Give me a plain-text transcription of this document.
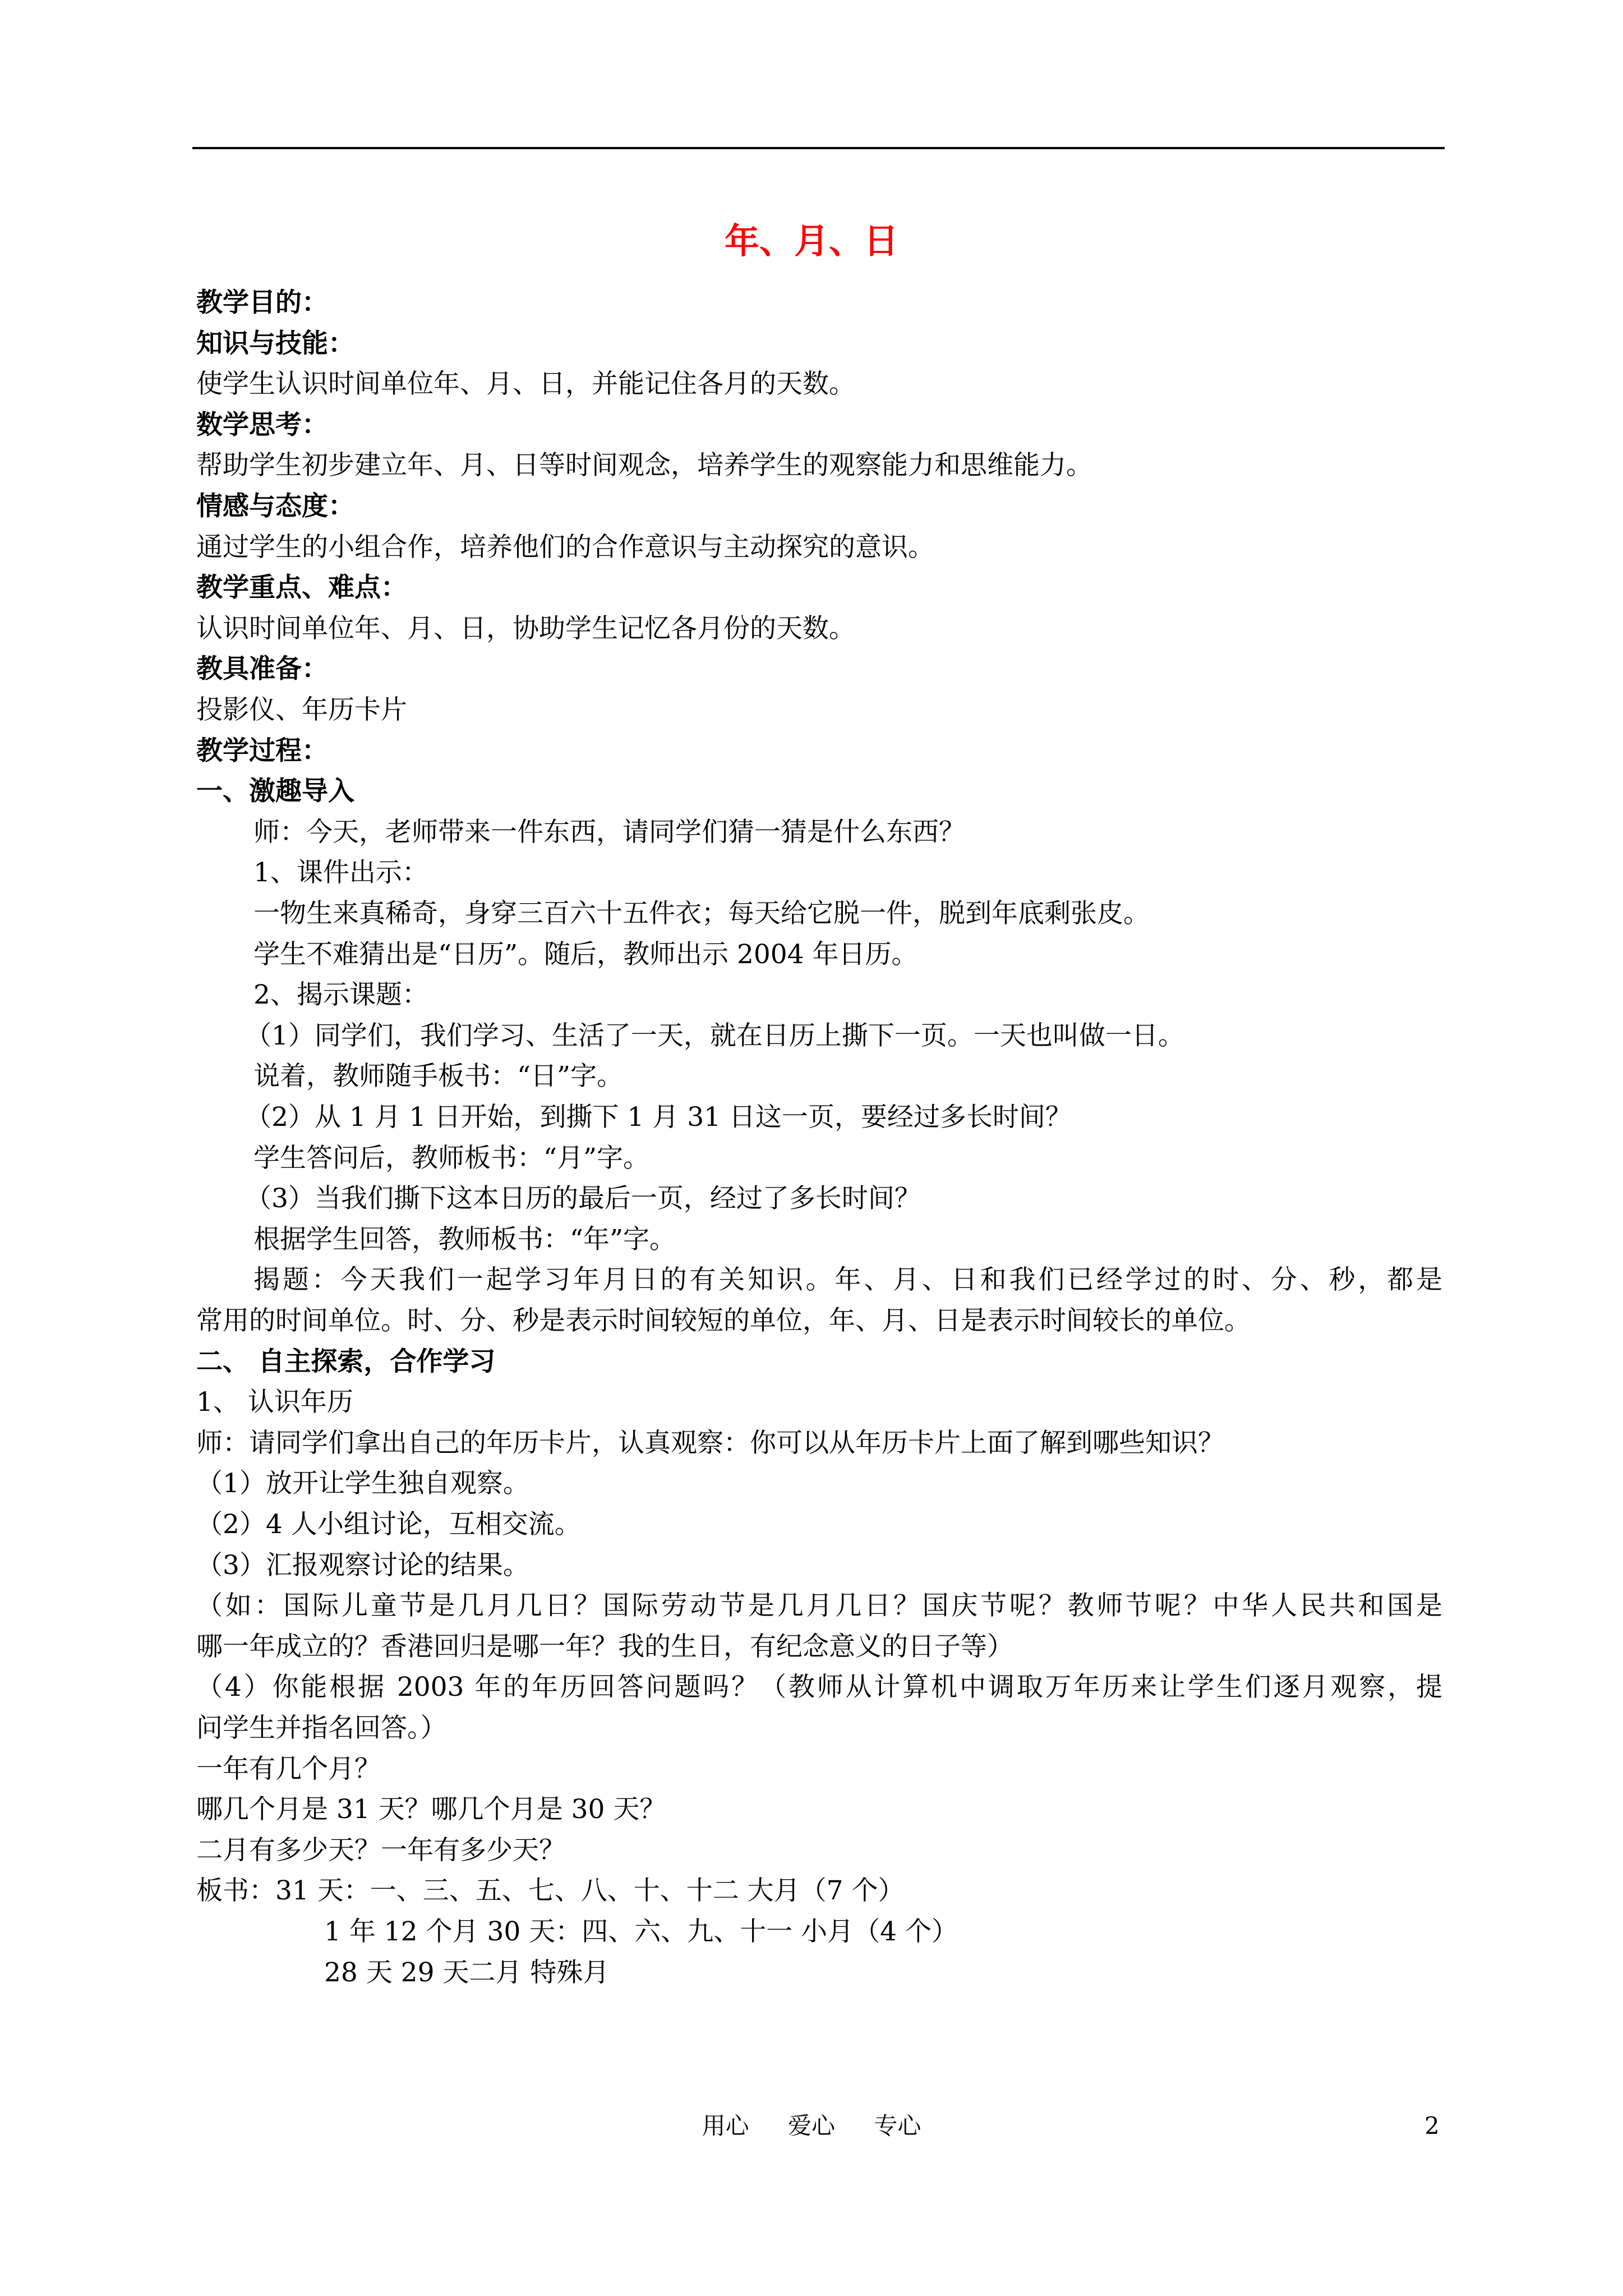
年、月、日
教学目的：
知识与技能：
使学生认识时间单位年、月、日，并能记住各月的天数。
数学思考：
帮助学生初步建立年、月、日等时间观念，培养学生的观察能力和思维能力。
情感与态度：
通过学生的小组合作，培养他们的合作意识与主动探究的意识。
教学重点、难点：
认识时间单位年、月、日，协助学生记忆各月份的天数。
教具准备：
投影仪、年历卡片
教学过程：
一、激趣导入
师：今天，老师带来一件东西，请同学们猜一猜是什么东西？
1、课件出示：
一物生来真稀奇，身穿三百六十五件衣；每天给它脱一件，脱到年底剩张皮。
学生不难猜出是“日历”。随后，教师出示 2004 年日历。
2、揭示课题：
（1）同学们，我们学习、生活了一天，就在日历上撕下一页。一天也叫做一日。
说着，教师随手板书：“日”字。
（2）从 1 月 1 日开始，到撕下 1 月 31 日这一页，要经过多长时间？
学生答问后，教师板书：“月”字。
（3）当我们撕下这本日历的最后一页，经过了多长时间？
根据学生回答，教师板书：“年”字。
揭题：今天我们一起学习年月日的有关知识。年、月、日和我们已经学过的时、分、秒，都是
常用的时间单位。时、分、秒是表示时间较短的单位，年、月、日是表示时间较长的单位。
二、 自主探索，合作学习
1、 认识年历
师：请同学们拿出自己的年历卡片，认真观察：你可以从年历卡片上面了解到哪些知识？
（1）放开让学生独自观察。
（2）4 人小组讨论，互相交流。
（3）汇报观察讨论的结果。
（如：国际儿童节是几月几日？国际劳动节是几月几日？国庆节呢？教师节呢？中华人民共和国是
哪一年成立的？香港回归是哪一年？我的生日，有纪念意义的日子等）
（4）你能根据 2003 年的年历回答问题吗？（教师从计算机中调取万年历来让学生们逐月观察，提
问学生并指名回答。）
一年有几个月？
哪几个月是 31 天？哪几个月是 30 天？
二月有多少天？一年有多少天？
板书：31 天：一、三、五、七、八、十、十二 大月（7 个）
1 年 12 个月 30 天：四、六、九、十一 小月（4 个）
28 天 29 天二月 特殊月
用心 爱心 专心	2
